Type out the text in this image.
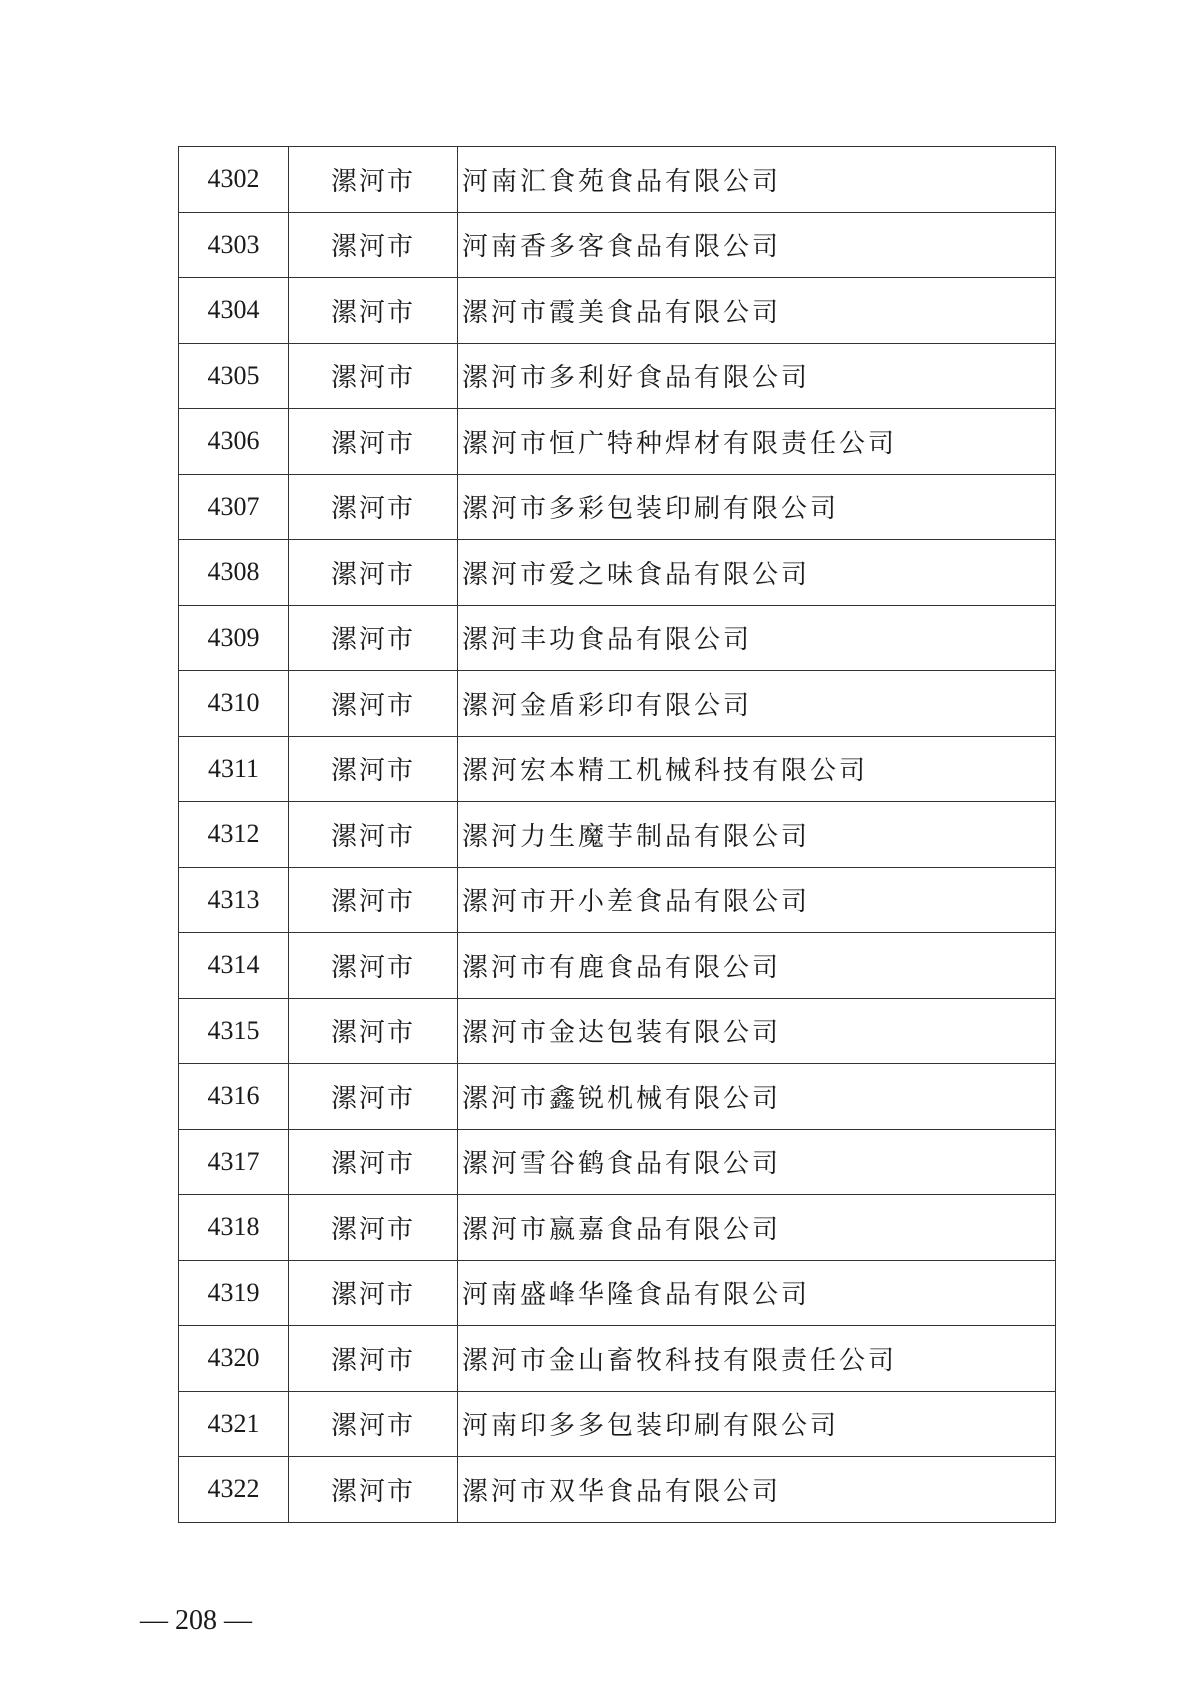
4302	漯河市	河南汇食苑食品有限公司
4303	漯河市	河南香多客食品有限公司
4304	漯河市	漯河市霞美食品有限公司
4305	漯河市	漯河市多利好食品有限公司
4306	漯河市	漯河市恒广特种焊材有限责任公司
4307	漯河市	漯河市多彩包装印刷有限公司
4308	漯河市	漯河市爱之味食品有限公司
4309	漯河市	漯河丰功食品有限公司
4310	漯河市	漯河金盾彩印有限公司
4311	漯河市	漯河宏本精工机械科技有限公司
4312	漯河市	漯河力生魔芋制品有限公司
4313	漯河市	漯河市开小差食品有限公司
4314	漯河市	漯河市有鹿食品有限公司
4315	漯河市	漯河市金达包装有限公司
4316	漯河市	漯河市鑫锐机械有限公司
4317	漯河市	漯河雪谷鹤食品有限公司
4318	漯河市	漯河市嬴嘉食品有限公司
4319	漯河市	河南盛峰华隆食品有限公司
4320	漯河市	漯河市金山畜牧科技有限责任公司
4321	漯河市	河南印多多包装印刷有限公司
4322	漯河市	漯河市双华食品有限公司
— 208 —
